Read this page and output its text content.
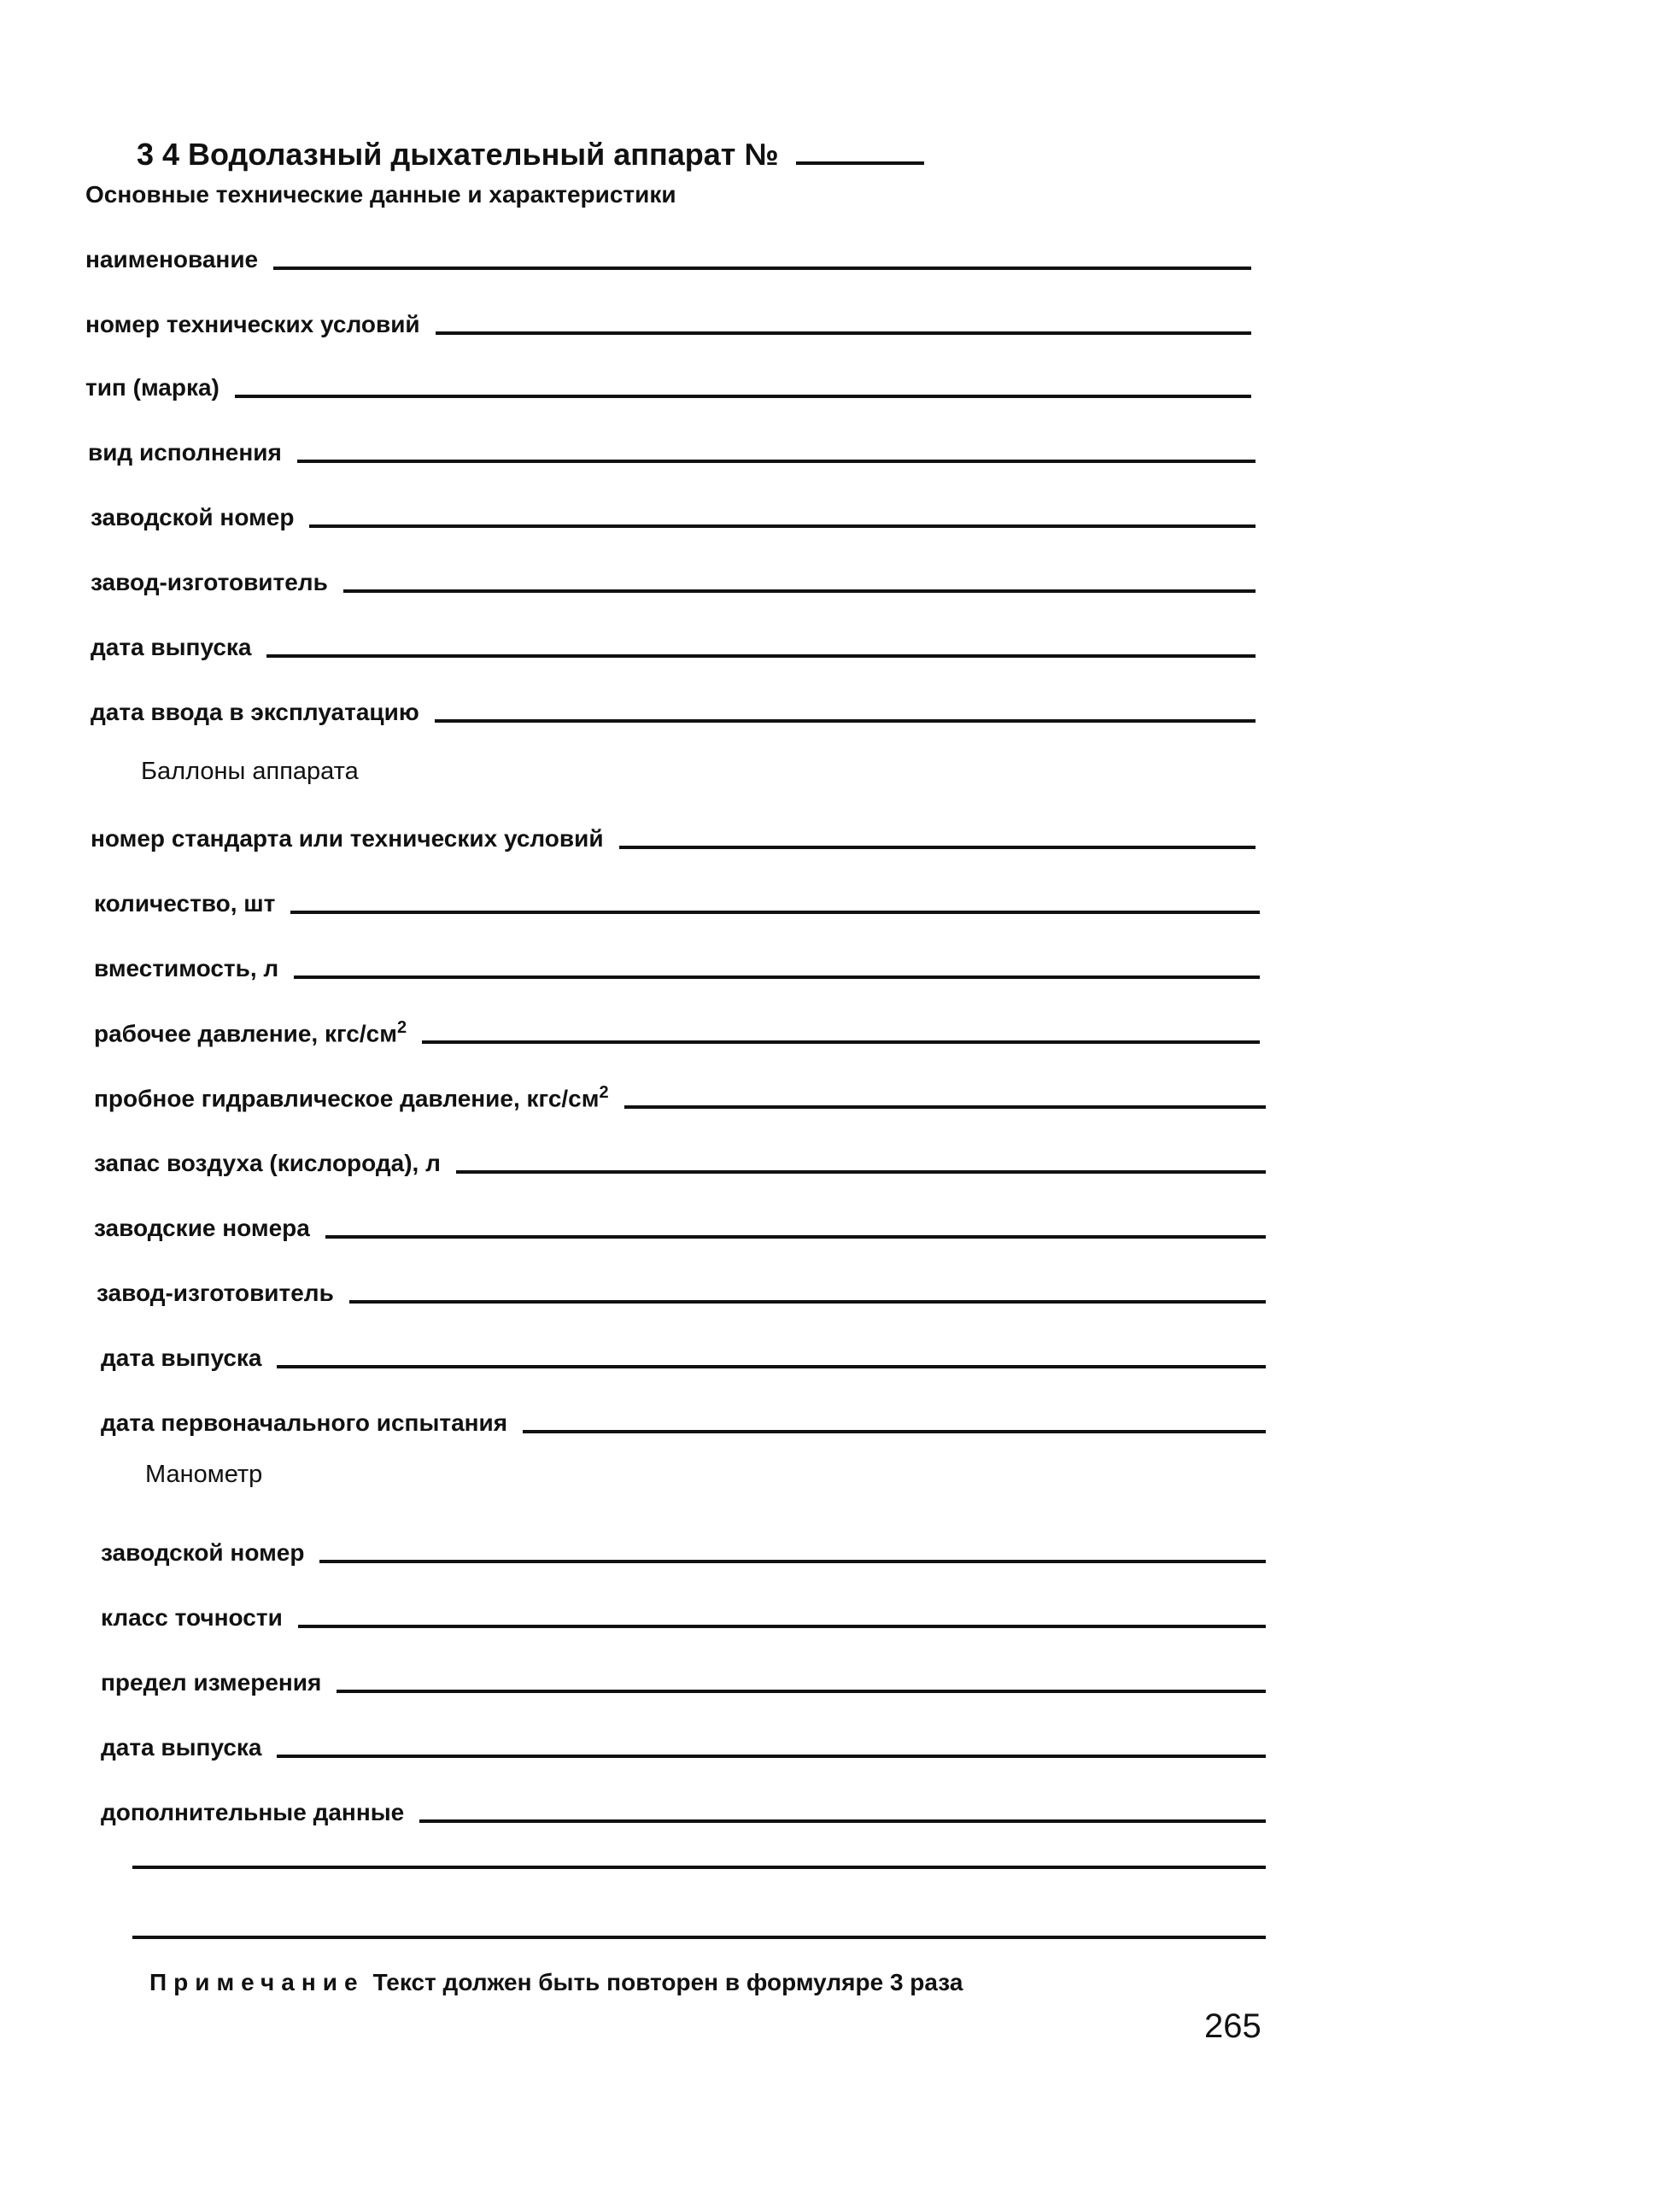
3 4 Водолазный дыхательный аппарат №
Основные технические данные и характеристики
наименование
номер технических условий
тип (марка)
вид исполнения
заводской номер
завод-изготовитель
дата выпуска
дата ввода в эксплуатацию
Баллоны аппарата
номер стандарта или технических условий
количество, шт
вместимость, л
рабочее давление, кгс/$см^2$
пробное гидравлическое давление, кгс/$см^2$
запас воздуха (кислорода), л
заводские номера
завод-изготовитель
дата выпуска
дата первоначального испытания
Манометр
заводской номер
класс точности
предел измерения
дата выпуска
дополнительные данные
Примечание Текст должен быть повторен в формуляре 3 раза
265
